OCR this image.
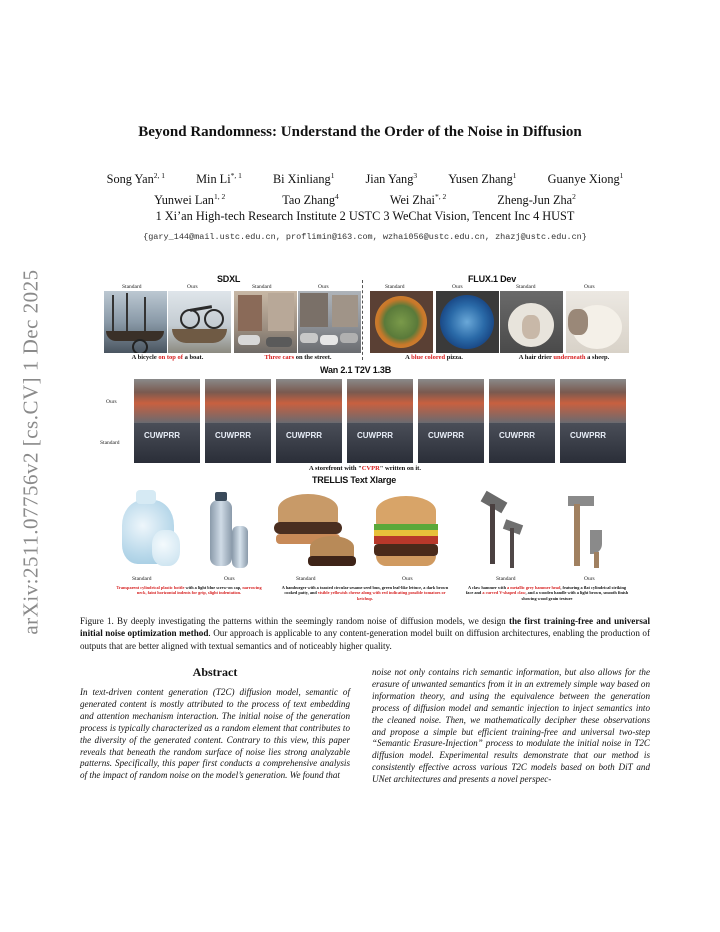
arXiv:2511.07756v2 [cs.CV] 1 Dec 2025
Beyond Randomness: Understand the Order of the Noise in Diffusion
Song Yan$^{2, 1}$	Min $Li^{*, 1}$	Bi Xinliang$^1$	Jian Yang$^3$	Yusen Zhang$^1$	Guanye Xiong$^1$
Yunwei Lan$^{1, 2}$	Tao Zhang$^4$	Wei Zhai$^{*, 2}$	Zheng-Jun Zha$^2$
1 Xi’an High-tech Research Institute 2 USTC 3 WeChat Vision, Tencent Inc 4 HUST
{gary_144@mail.ustc.edu.cn, proflimin@163.com, wzhai056@ustc.edu.cn, zhazj@ustc.edu.cn}
SDXL	FLUX.1 Dev
Standard	Ours	Standard	Ours	Standard	Ours	Standard	Ours
A bicycle on top of a boat.	Three cars on the street.	A blue colored pizza.	A hair drier underneath a sheep.
Wan 2.1 T2V 1.3B
Ours
Standard
CUWPRR	CUWPRR	CUWPRR	CUWPRR	CUWPRR	CUWPRR	CUWPRR
A storefront with "CVPR" written on it.
TRELLIS Text Xlarge
Standard	Ours	Standard	Ours	Standard	Ours
Transparent cylindrical plastic bottle with a light blue screw-on cap, narrowing neck, faint horizontal indents for grip, slight indentation.
A hamburger with a toasted circular sesame seed bun, green leaf-like lettuce, a dark brown cooked patty, and visible yellowish cheese along with red indicating possible tomatoes or ketchup.
A claw hammer with a metallic grey hammer head, featuring a flat cylindrical striking face and a curved V-shaped claw, and a wooden handle with a light brown, smooth finish showing wood grain texture
Figure 1. By deeply investigating the patterns within the seemingly random noise of diffusion models, we design the first training-free and universal initial noise optimization method. Our approach is applicable to any content-generation model built on diffusion architectures, enabling the production of outputs that are better aligned with textual semantics and of noticeably higher quality.
Abstract
In text-driven content generation (T2C) diffusion model, semantic of generated content is mostly attributed to the process of text embedding and attention mechanism interaction. The initial noise of the generation process is typically characterized as a random element that contributes to the diversity of the generated content. Contrary to this view, this paper reveals that beneath the random surface of noise lies strong analyzable patterns. Specifically, this paper first conducts a comprehensive analysis of the impact of random noise on the model’s generation. We found that
noise not only contains rich semantic information, but also allows for the erasure of unwanted semantics from it in an extremely simple way based on information theory, and using the equivalence between the generation process of diffusion model and semantic injection to inject semantics into the cleaned noise. Then, we mathematically decipher these observations and propose a simple but efficient training-free and universal two-step “Semantic Erasure-Injection” process to modulate the initial noise in T2C diffusion model. Experimental results demonstrate that our method is consistently effective across various T2C models based on both DiT and UNet architectures and presents a novel perspec-
